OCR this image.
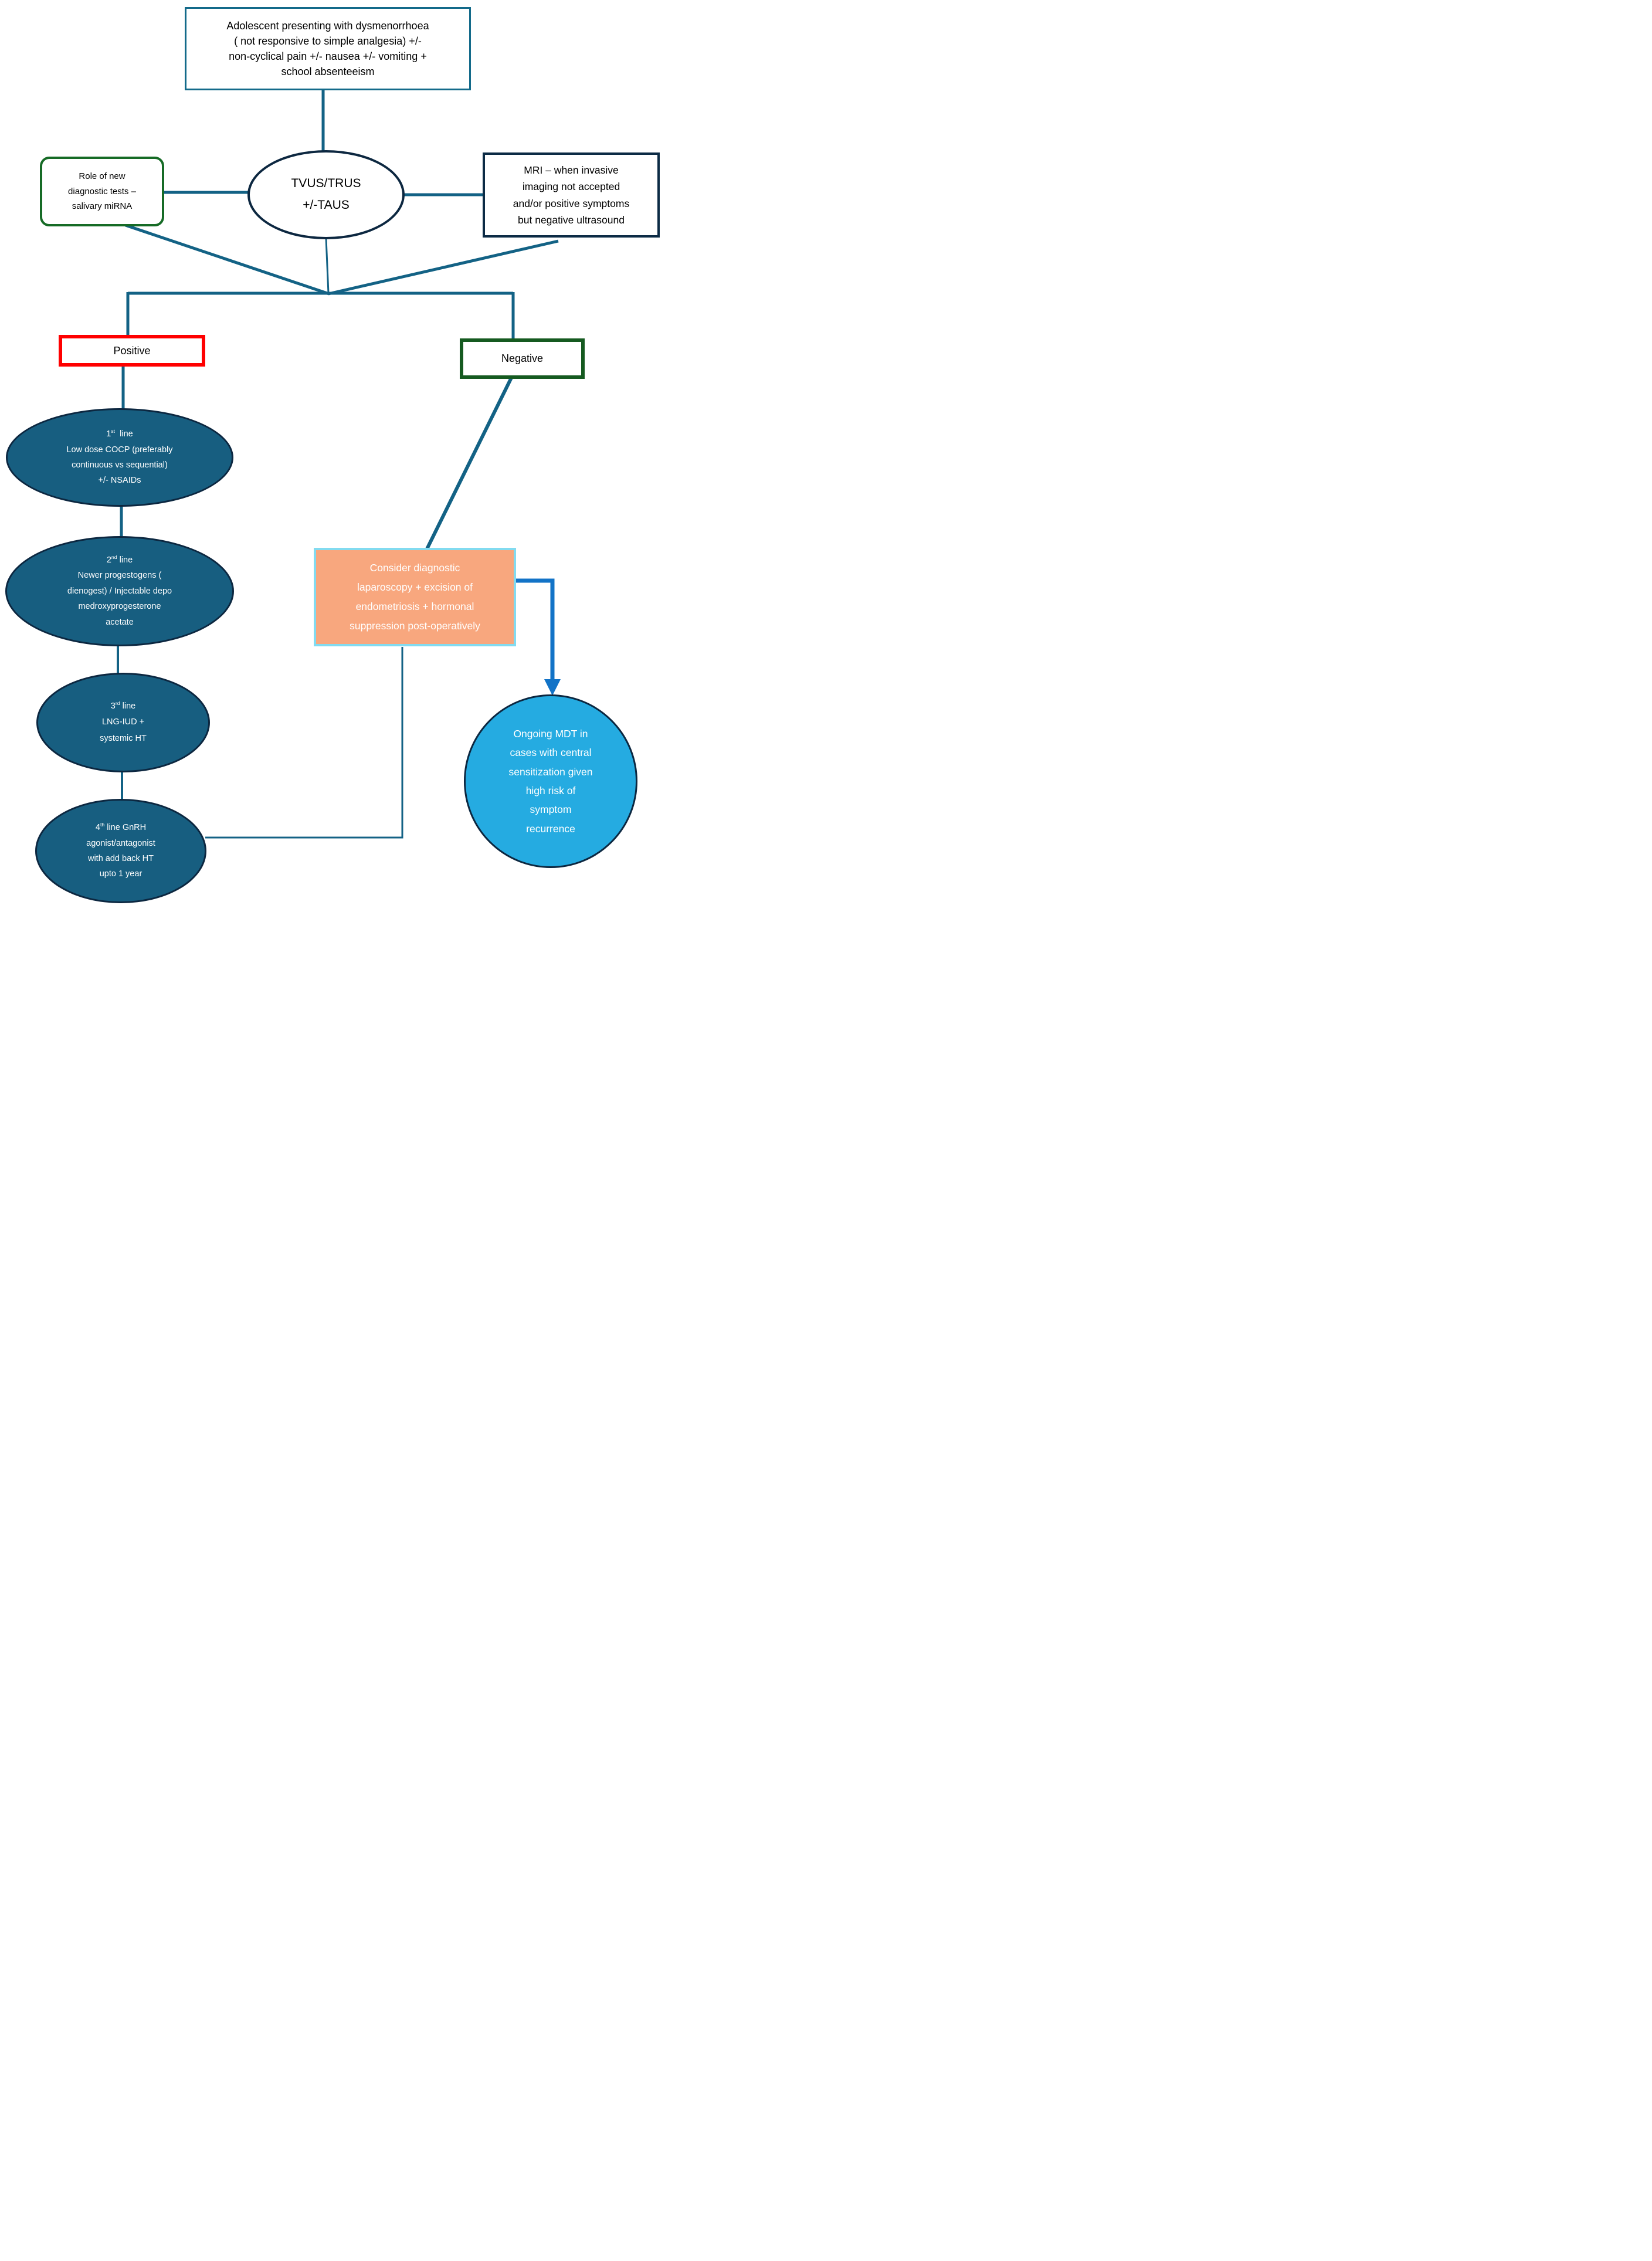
Adolescent presenting with dysmenorrhoea
( not responsive to simple analgesia) +/-
non-cyclical pain +/- nausea +/- vomiting +
school absenteeism
TVUS/TRUS
+/-TAUS
Role of new
diagnostic tests –
salivary miRNA
MRI – when invasive
imaging not accepted
and/or positive symptoms
but negative ultrasound
Positive
Negative
1st  line
Low dose COCP (preferably
continuous vs sequential)
+/- NSAIDs
2nd line
Newer progestogens (
dienogest) / Injectable depo
medroxyprogesterone
acetate
3rd line
LNG-IUD +
systemic HT
4th line GnRH
agonist/antagonist
with add back HT
upto 1 year
Consider diagnostic
laparoscopy + excision of
endometriosis + hormonal
suppression post-operatively
Ongoing MDT in
cases with central
sensitization given
high risk of
symptom
recurrence
